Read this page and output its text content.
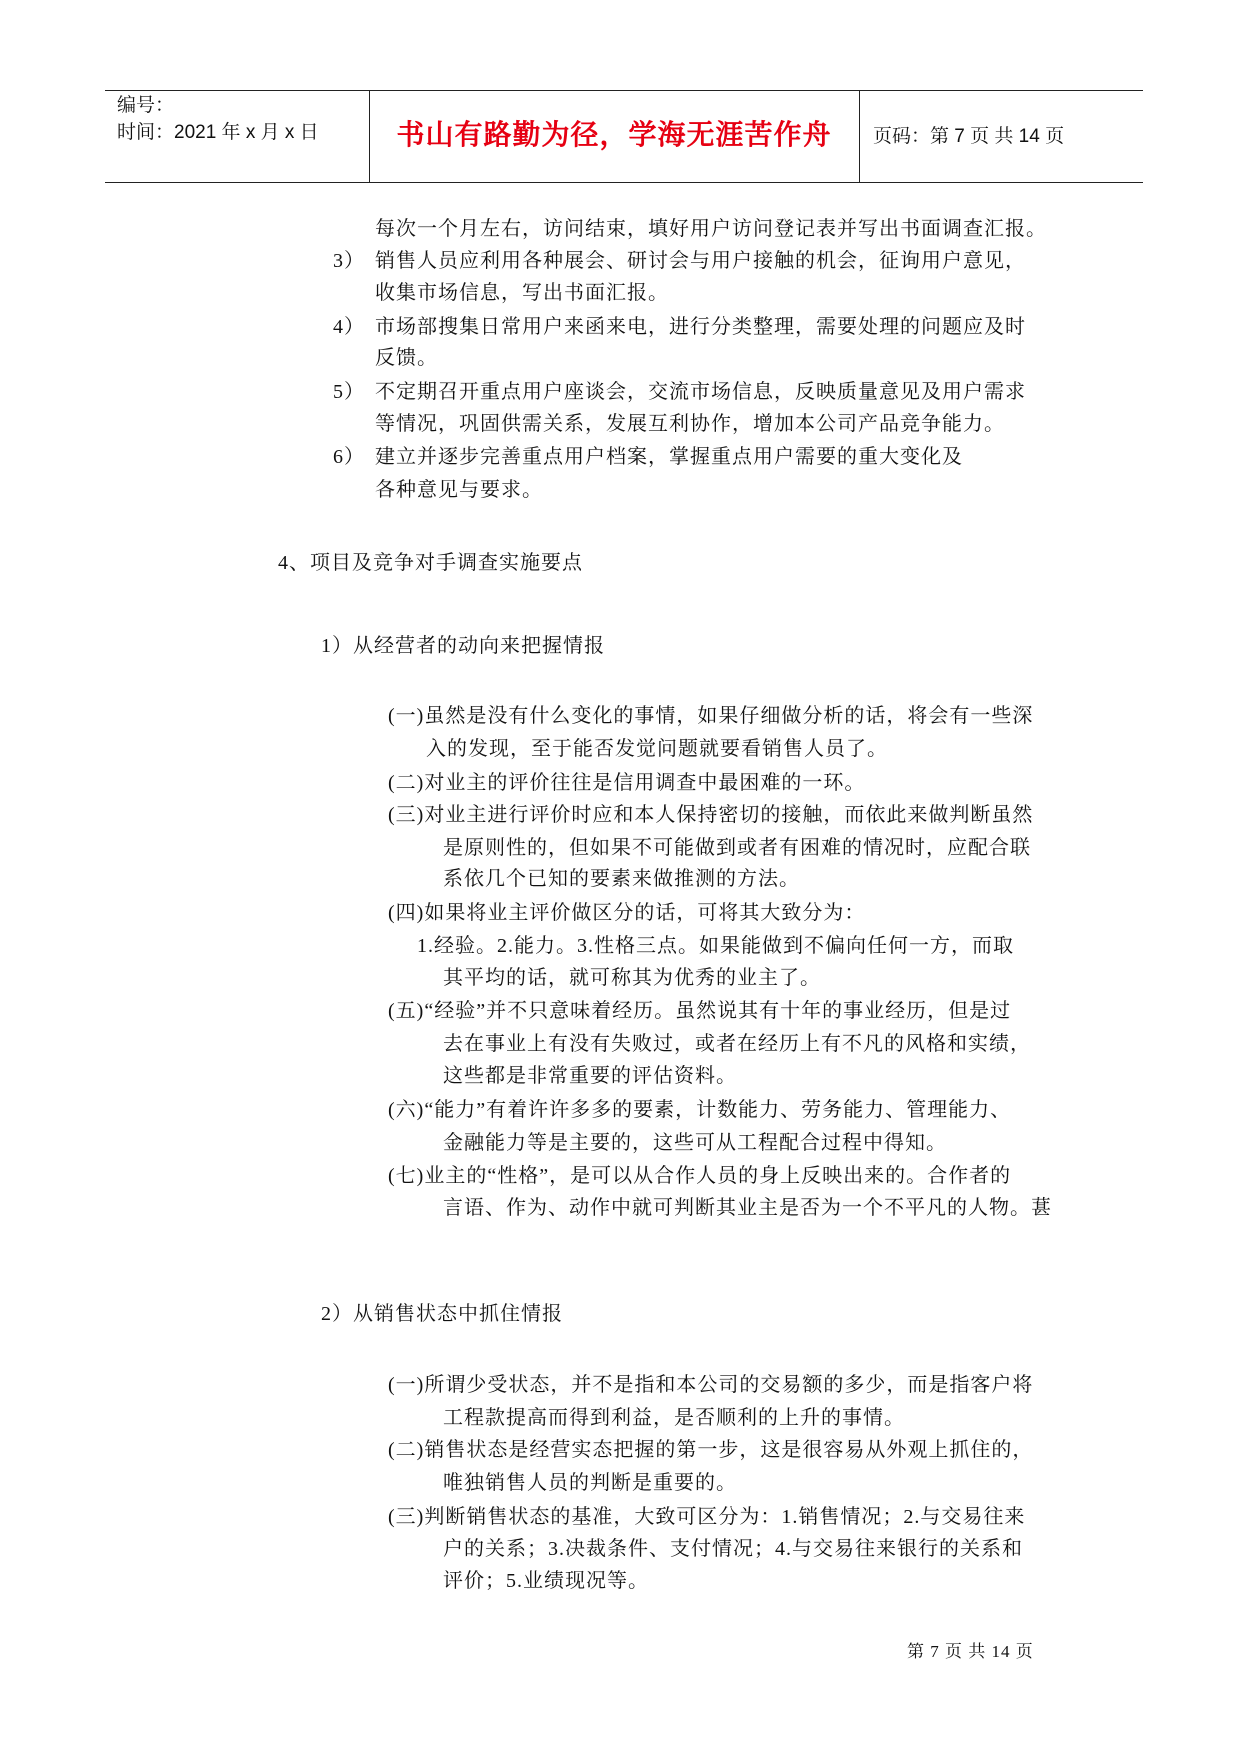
编号：
时间：2021 年 x 月 x 日	书山有路勤为径，学海无涯苦作舟	页码：第 7 页 共 14 页
每次一个月左右，访问结束，填好用户访问登记表并写出书面调查汇报。
3） 销售人员应利用各种展会、研讨会与用户接触的机会，征询用户意见，
收集市场信息，写出书面汇报。
4） 市场部搜集日常用户来函来电，进行分类整理，需要处理的问题应及时
反馈。
5） 不定期召开重点用户座谈会，交流市场信息，反映质量意见及用户需求
等情况，巩固供需关系，发展互利协作，增加本公司产品竞争能力。
6） 建立并逐步完善重点用户档案，掌握重点用户需要的重大变化及
各种意见与要求。
4、项目及竞争对手调查实施要点
1）从经营者的动向来把握情报
(一)虽然是没有什么变化的事情，如果仔细做分析的话，将会有一些深
入的发现，至于能否发觉问题就要看销售人员了。
(二)对业主的评价往往是信用调查中最困难的一环。
(三)对业主进行评价时应和本人保持密切的接触，而依此来做判断虽然
是原则性的，但如果不可能做到或者有困难的情况时，应配合联
系依几个已知的要素来做推测的方法。
(四)如果将业主评价做区分的话，可将其大致分为：
1.经验。2.能力。3.性格三点。如果能做到不偏向任何一方，而取
其平均的话，就可称其为优秀的业主了。
(五)“经验”并不只意味着经历。虽然说其有十年的事业经历，但是过
去在事业上有没有失败过，或者在经历上有不凡的风格和实绩，
这些都是非常重要的评估资料。
(六)“能力”有着许许多多的要素，计数能力、劳务能力、管理能力、
金融能力等是主要的，这些可从工程配合过程中得知。
(七)业主的“性格”，是可以从合作人员的身上反映出来的。合作者的
言语、作为、动作中就可判断其业主是否为一个不平凡的人物。葚
2）从销售状态中抓住情报
(一)所谓少受状态，并不是指和本公司的交易额的多少，而是指客户将
工程款提高而得到利益，是否顺利的上升的事情。
(二)销售状态是经营实态把握的第一步，这是很容易从外观上抓住的，
唯独销售人员的判断是重要的。
(三)判断销售状态的基准，大致可区分为：1.销售情况；2.与交易往来
户的关系；3.决裁条件、支付情况；4.与交易往来银行的关系和
评价；5.业绩现况等。
第 7 页 共 14 页
